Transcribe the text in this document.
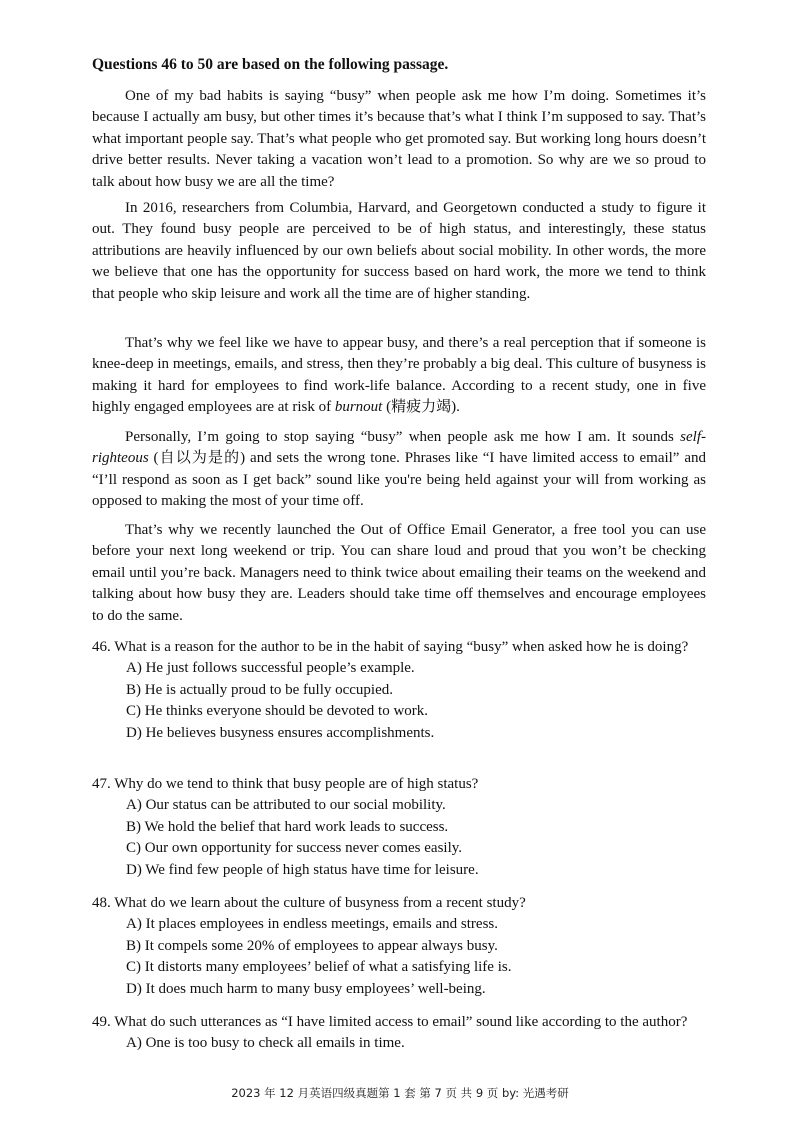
Questions 46 to 50 are based on the following passage.

One of my bad habits is saying “busy” when people ask me how I’m doing. Sometimes it’s because I actually am busy, but other times it’s because that’s what I think I’m supposed to say. That’s what important people say. That’s what people who get promoted say. But working long hours doesn’t drive better results. Never taking a vacation won’t lead to a promotion. So why are we so proud to talk about how busy we are all the time?

In 2016, researchers from Columbia, Harvard, and Georgetown conducted a study to figure it out. They found busy people are perceived to be of high status, and interestingly, these status attributions are heavily influenced by our own beliefs about social mobility. In other words, the more we believe that one has the opportunity for success based on hard work, the more we tend to think that people who skip leisure and work all the time are of higher standing.

That’s why we feel like we have to appear busy, and there’s a real perception that if someone is knee-deep in meetings, emails, and stress, then they’re probably a big deal. This culture of busyness is making it hard for employees to find work-life balance. According to a recent study, one in five highly engaged employees are at risk of burnout (精疲力竭).

Personally, I’m going to stop saying “busy” when people ask me how I am. It sounds self-righteous (自以为是的) and sets the wrong tone. Phrases like “I have limited access to email” and “I’ll respond as soon as I get back” sound like you're being held against your will from working as opposed to making the most of your time off.

That’s why we recently launched the Out of Office Email Generator, a free tool you can use before your next long weekend or trip. You can share loud and proud that you won’t be checking email until you’re back. Managers need to think twice about emailing their teams on the weekend and talking about how busy they are. Leaders should take time off themselves and encourage employees to do the same.

46. What is a reason for the author to be in the habit of saying “busy” when asked how he is doing?

A) He just follows successful people’s example.

B) He is actually proud to be fully occupied.

C) He thinks everyone should be devoted to work.

D) He believes busyness ensures accomplishments.

47. Why do we tend to think that busy people are of high status?

A) Our status can be attributed to our social mobility.

B) We hold the belief that hard work leads to success.

C) Our own opportunity for success never comes easily.

D) We find few people of high status have time for leisure.

48. What do we learn about the culture of busyness from a recent study?

A) It places employees in endless meetings, emails and stress.

B) It compels some 20% of employees to appear always busy.

C) It distorts many employees’ belief of what a satisfying life is.

D) It does much harm to many busy employees’ well-being.

49. What do such utterances as “I have limited access to email” sound like according to the author?

A) One is too busy to check all emails in time.

2023 年 12 月英语四级真题第 1 套 第 7 页 共 9 页 by: 光遇考研
